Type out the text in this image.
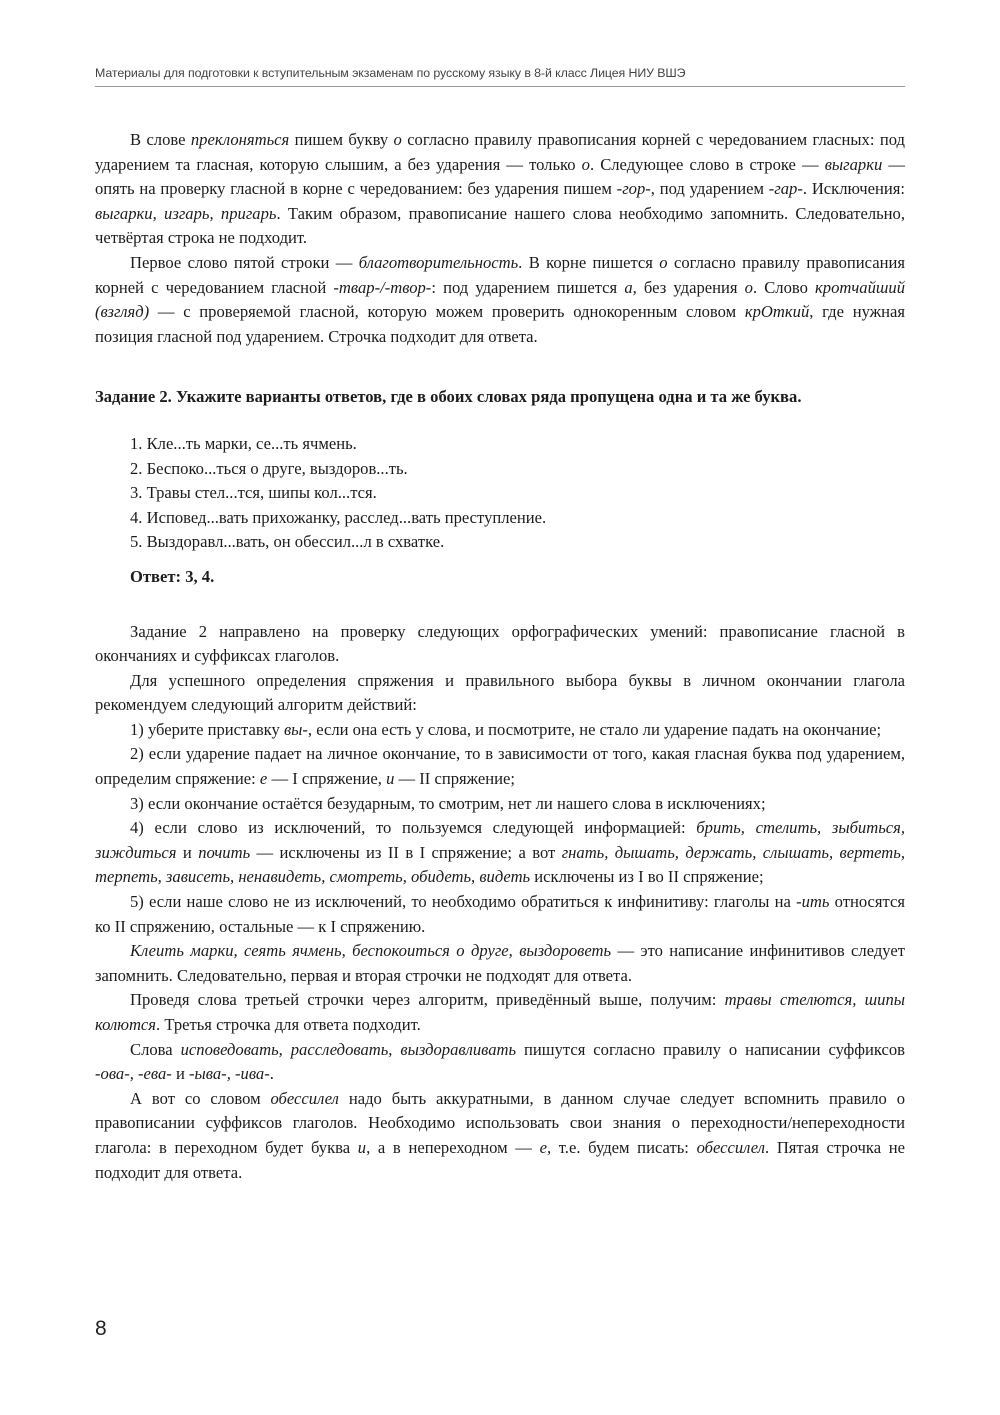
Материалы для подготовки к вступительным экзаменам по русскому языку в 8-й класс Лицея НИУ ВШЭ

В слове преклоняться пишем букву о согласно правилу правописания корней с чередованием гласных: под ударением та гласная, которую слышим, а без ударения — только о. Следующее слово в строке — выгарки — опять на проверку гласной в корне с чередованием: без ударения пишем -гор-, под ударением -гар-. Исключения: выгарки, изгарь, пригарь. Таким образом, правописание нашего слова необходимо запомнить. Следовательно, четвёртая строка не подходит.

Первое слово пятой строки — благотворительность. В корне пишется о согласно правилу правописания корней с чередованием гласной -твар-/-твор-: под ударением пишется а, без ударения о. Слово кротчайший (взгляд) — с проверяемой гласной, которую можем проверить однокоренным словом крОткий, где нужная позиция гласной под ударением. Строчка подходит для ответа.

Задание 2. Укажите варианты ответов, где в обоих словах ряда пропущена одна и та же буква.
1. Кле...ть марки, се...ть ячмень.
2. Беспоко...ться о друге, выздоров...ть.
3. Травы стел...тся, шипы кол...тся.
4. Исповед...вать прихожанку, расслед...вать преступление.
5. Выздоравл...вать, он обессил...л в схватке.
Ответ: 3, 4.

Задание 2 направлено на проверку следующих орфографических умений: правописание гласной в окончаниях и суффиксах глаголов.

Для успешного определения спряжения и правильного выбора буквы в личном окончании глагола рекомендуем следующий алгоритм действий:

1) уберите приставку вы-, если она есть у слова, и посмотрите, не стало ли ударение падать на окончание;

2) если ударение падает на личное окончание, то в зависимости от того, какая гласная буква под ударением, определим спряжение: е — I спряжение, и — II спряжение;

3) если окончание остаётся безударным, то смотрим, нет ли нашего слова в исключениях;

4) если слово из исключений, то пользуемся следующей информацией: брить, стелить, зыбиться, зиждиться и почить — исключены из II в I спряжение; а вот гнать, дышать, держать, слышать, вертеть, терпеть, зависеть, ненавидеть, смотреть, обидеть, видеть исключены из I во II спряжение;

5) если наше слово не из исключений, то необходимо обратиться к инфинитиву: глаголы на -ить относятся ко II спряжению, остальные — к I спряжению.

Клеить марки, сеять ячмень, беспокоиться о друге, выздороветь — это написание инфинитивов следует запомнить. Следовательно, первая и вторая строчки не подходят для ответа.

Проведя слова третьей строчки через алгоритм, приведённый выше, получим: травы стелются, шипы колются. Третья строчка для ответа подходит.

Слова исповедовать, расследовать, выздоравливать пишутся согласно правилу о написании суффиксов -ова-, -ева- и -ыва-, -ива-.

А вот со словом обессилел надо быть аккуратными, в данном случае следует вспомнить правило о правописании суффиксов глаголов. Необходимо использовать свои знания о переходности/непереходности глагола: в переходном будет буква и, а в непереходном — е, т.е. будем писать: обессилел. Пятая строчка не подходит для ответа.

8
